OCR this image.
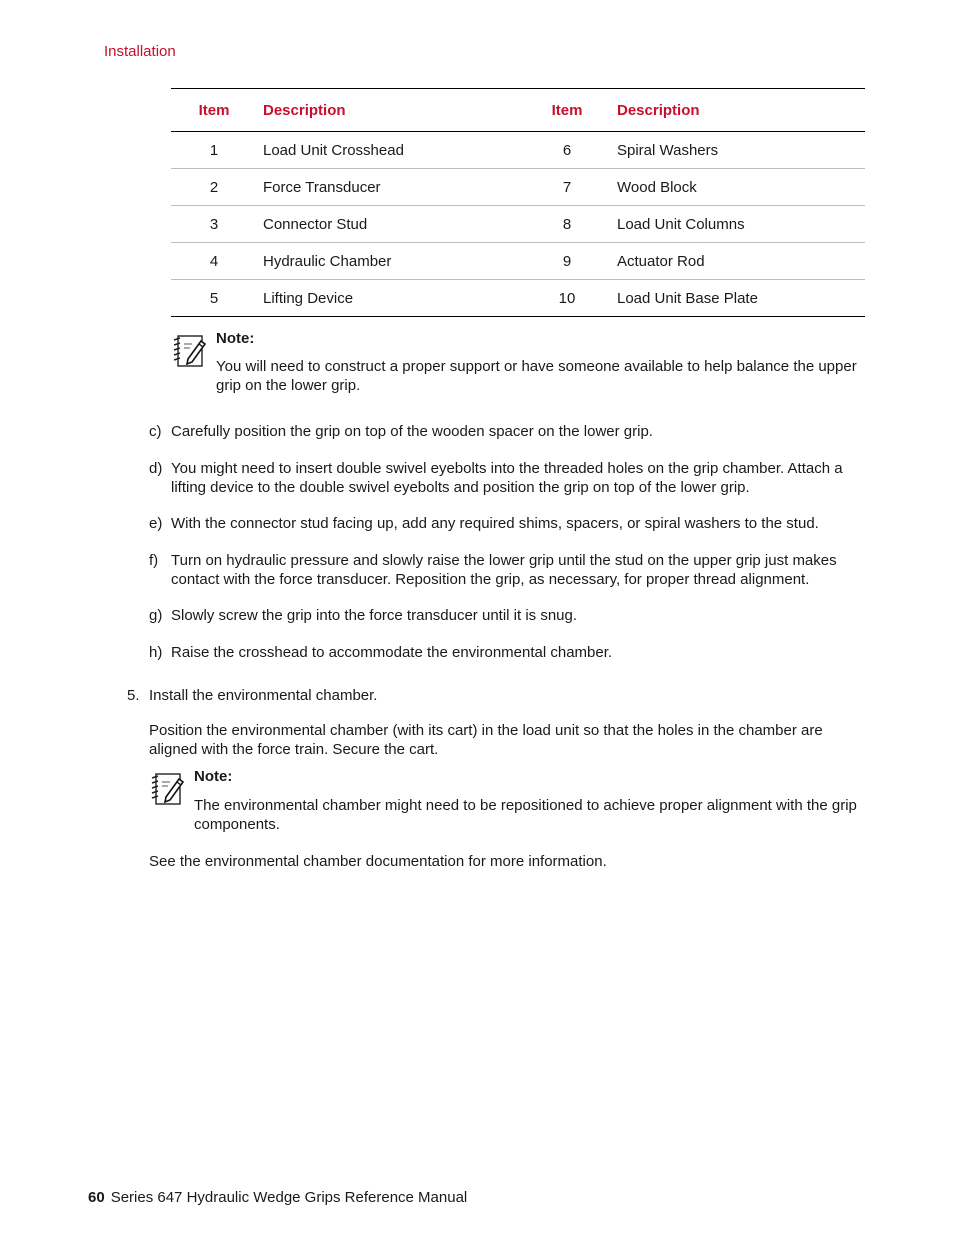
Installation
Item	Description	Item	Description
1	Load Unit Crosshead	6	Spiral Washers
2	Force Transducer	7	Wood Block
3	Connector Stud	8	Load Unit Columns
4	Hydraulic Chamber	9	Actuator Rod
5	Lifting Device	10	Load Unit Base Plate
Note:
You will need to construct a proper support or have someone available to help balance the upper grip on the lower grip.
c) Carefully position the grip on top of the wooden spacer on the lower grip.
d) You might need to insert double swivel eyebolts into the threaded holes on the grip chamber. Attach a lifting device to the double swivel eyebolts and position the grip on top of the lower grip.
e) With the connector stud facing up, add any required shims, spacers, or spiral washers to the stud.
f) Turn on hydraulic pressure and slowly raise the lower grip until the stud on the upper grip just makes contact with the force transducer. Reposition the grip, as necessary, for proper thread alignment.
g) Slowly screw the grip into the force transducer until it is snug.
h) Raise the crosshead to accommodate the environmental chamber.
5. Install the environmental chamber.
Position the environmental chamber (with its cart) in the load unit so that the holes in the chamber are aligned with the force train. Secure the cart.
Note:
The environmental chamber might need to be repositioned to achieve proper alignment with the grip components.
See the environmental chamber documentation for more information.
60 Series 647 Hydraulic Wedge Grips Reference Manual
